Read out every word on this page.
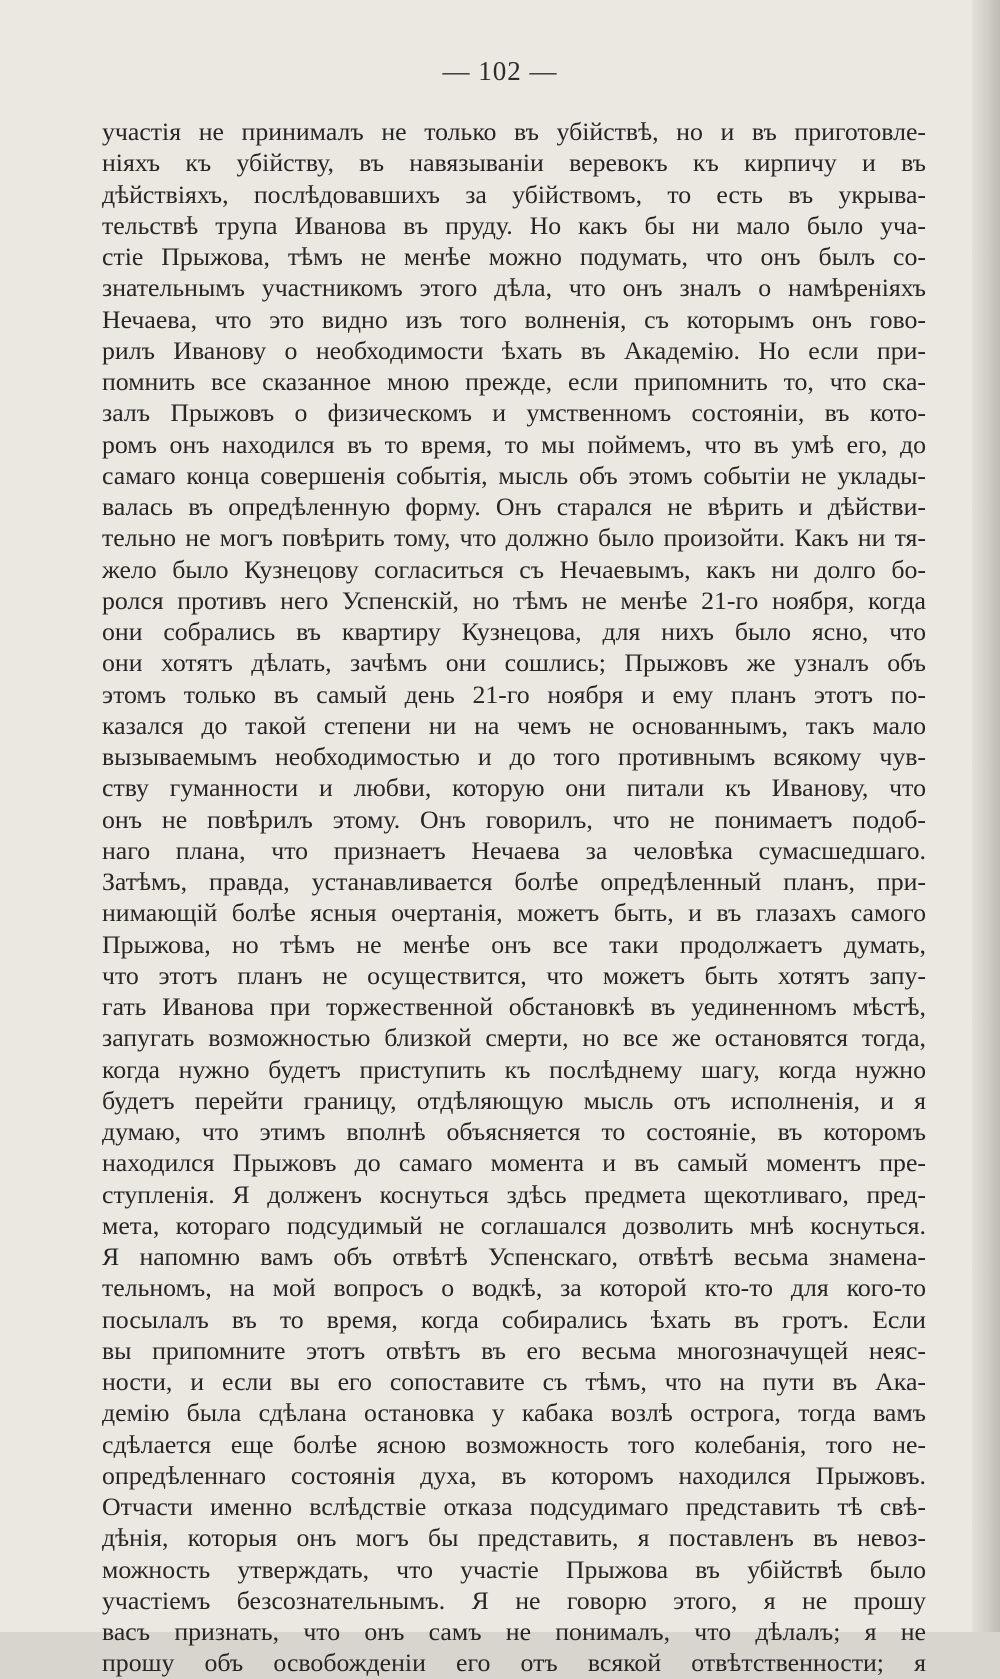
— 102 —
участія не принималъ не только въ убійствѣ, но и въ приготовле-
ніяхъ къ убійству, въ навязываніи веревокъ къ кирпичу и въ
дѣйствіяхъ, послѣдовавшихъ за убійствомъ, то есть въ укрыва-
тельствѣ трупа Иванова въ пруду. Но какъ бы ни мало было уча-
стіе Прыжова, тѣмъ не менѣе можно подумать, что онъ былъ со-
знательнымъ участникомъ этого дѣла, что онъ зналъ о намѣреніяхъ
Нечаева, что это видно изъ того волненія, съ которымъ онъ гово-
рилъ Иванову о необходимости ѣхать въ Академію. Но если при-
помнить все сказанное мною прежде, если припомнить то, что ска-
залъ Прыжовъ о физическомъ и умственномъ состояніи, въ кото-
ромъ онъ находился въ то время, то мы поймемъ, что въ умѣ его, до
самаго конца совершенія событія, мысль объ этомъ событіи не уклады-
валась въ опредѣленную форму. Онъ старался не вѣрить и дѣйстви-
тельно не могъ повѣрить тому, что должно было произойти. Какъ ни тя-
жело было Кузнецову согласиться съ Нечаевымъ, какъ ни долго бо-
ролся противъ него Успенскій, но тѣмъ не менѣе 21-го ноября, когда
они собрались въ квартиру Кузнецова, для нихъ было ясно, что
они хотятъ дѣлать, зачѣмъ они сошлись; Прыжовъ же узналъ объ
этомъ только въ самый день 21-го ноября и ему планъ этотъ по-
казался до такой степени ни на чемъ не основаннымъ, такъ мало
вызываемымъ необходимостью и до того противнымъ всякому чув-
ству гуманности и любви, которую они питали къ Иванову, что
онъ не повѣрилъ этому. Онъ говорилъ, что не понимаетъ подоб-
наго плана, что признаетъ Нечаева за человѣка сумасшедшаго.
Затѣмъ, правда, устанавливается болѣе опредѣленный планъ, при-
нимающій болѣе ясныя очертанія, можетъ быть, и въ глазахъ самого
Прыжова, но тѣмъ не менѣе онъ все таки продолжаетъ думать,
что этотъ планъ не осуществится, что можетъ быть хотятъ запу-
гать Иванова при торжественной обстановкѣ въ уединенномъ мѣстѣ,
запугать возможностью близкой смерти, но все же остановятся тогда,
когда нужно будетъ приступить къ послѣднему шагу, когда нужно
будетъ перейти границу, отдѣляющую мысль отъ исполненія, и я
думаю, что этимъ вполнѣ объясняется то состояніе, въ которомъ
находился Прыжовъ до самаго момента и въ самый моментъ пре-
ступленія. Я долженъ коснуться здѣсь предмета щекотливаго, пред-
мета, котораго подсудимый не соглашался дозволить мнѣ коснуться.
Я напомню вамъ объ отвѣтѣ Успенскаго, отвѣтѣ весьма знамена-
тельномъ, на мой вопросъ о водкѣ, за которой кто-то для кого-то
посылалъ въ то время, когда собирались ѣхать въ гротъ. Если
вы припомните этотъ отвѣтъ въ его весьма многозначущей неяс-
ности, и если вы его сопоставите съ тѣмъ, что на пути въ Ака-
демію была сдѣлана остановка у кабака возлѣ острога, тогда вамъ
сдѣлается еще болѣе ясною возможность того колебанія, того не-
опредѣленнаго состоянія духа, въ которомъ находился Прыжовъ.
Отчасти именно вслѣдствіе отказа подсудимаго представить тѣ свѣ-
дѣнія, которыя онъ могъ бы представить, я поставленъ въ невоз-
можность утверждать, что участіе Прыжова въ убійствѣ было
участіемъ безсознательнымъ. Я не говорю этого, я не прошу
васъ признать, что онъ самъ не понималъ, что дѣлалъ; я не
прошу объ освобожденіи его отъ всякой отвѣтственности; я
